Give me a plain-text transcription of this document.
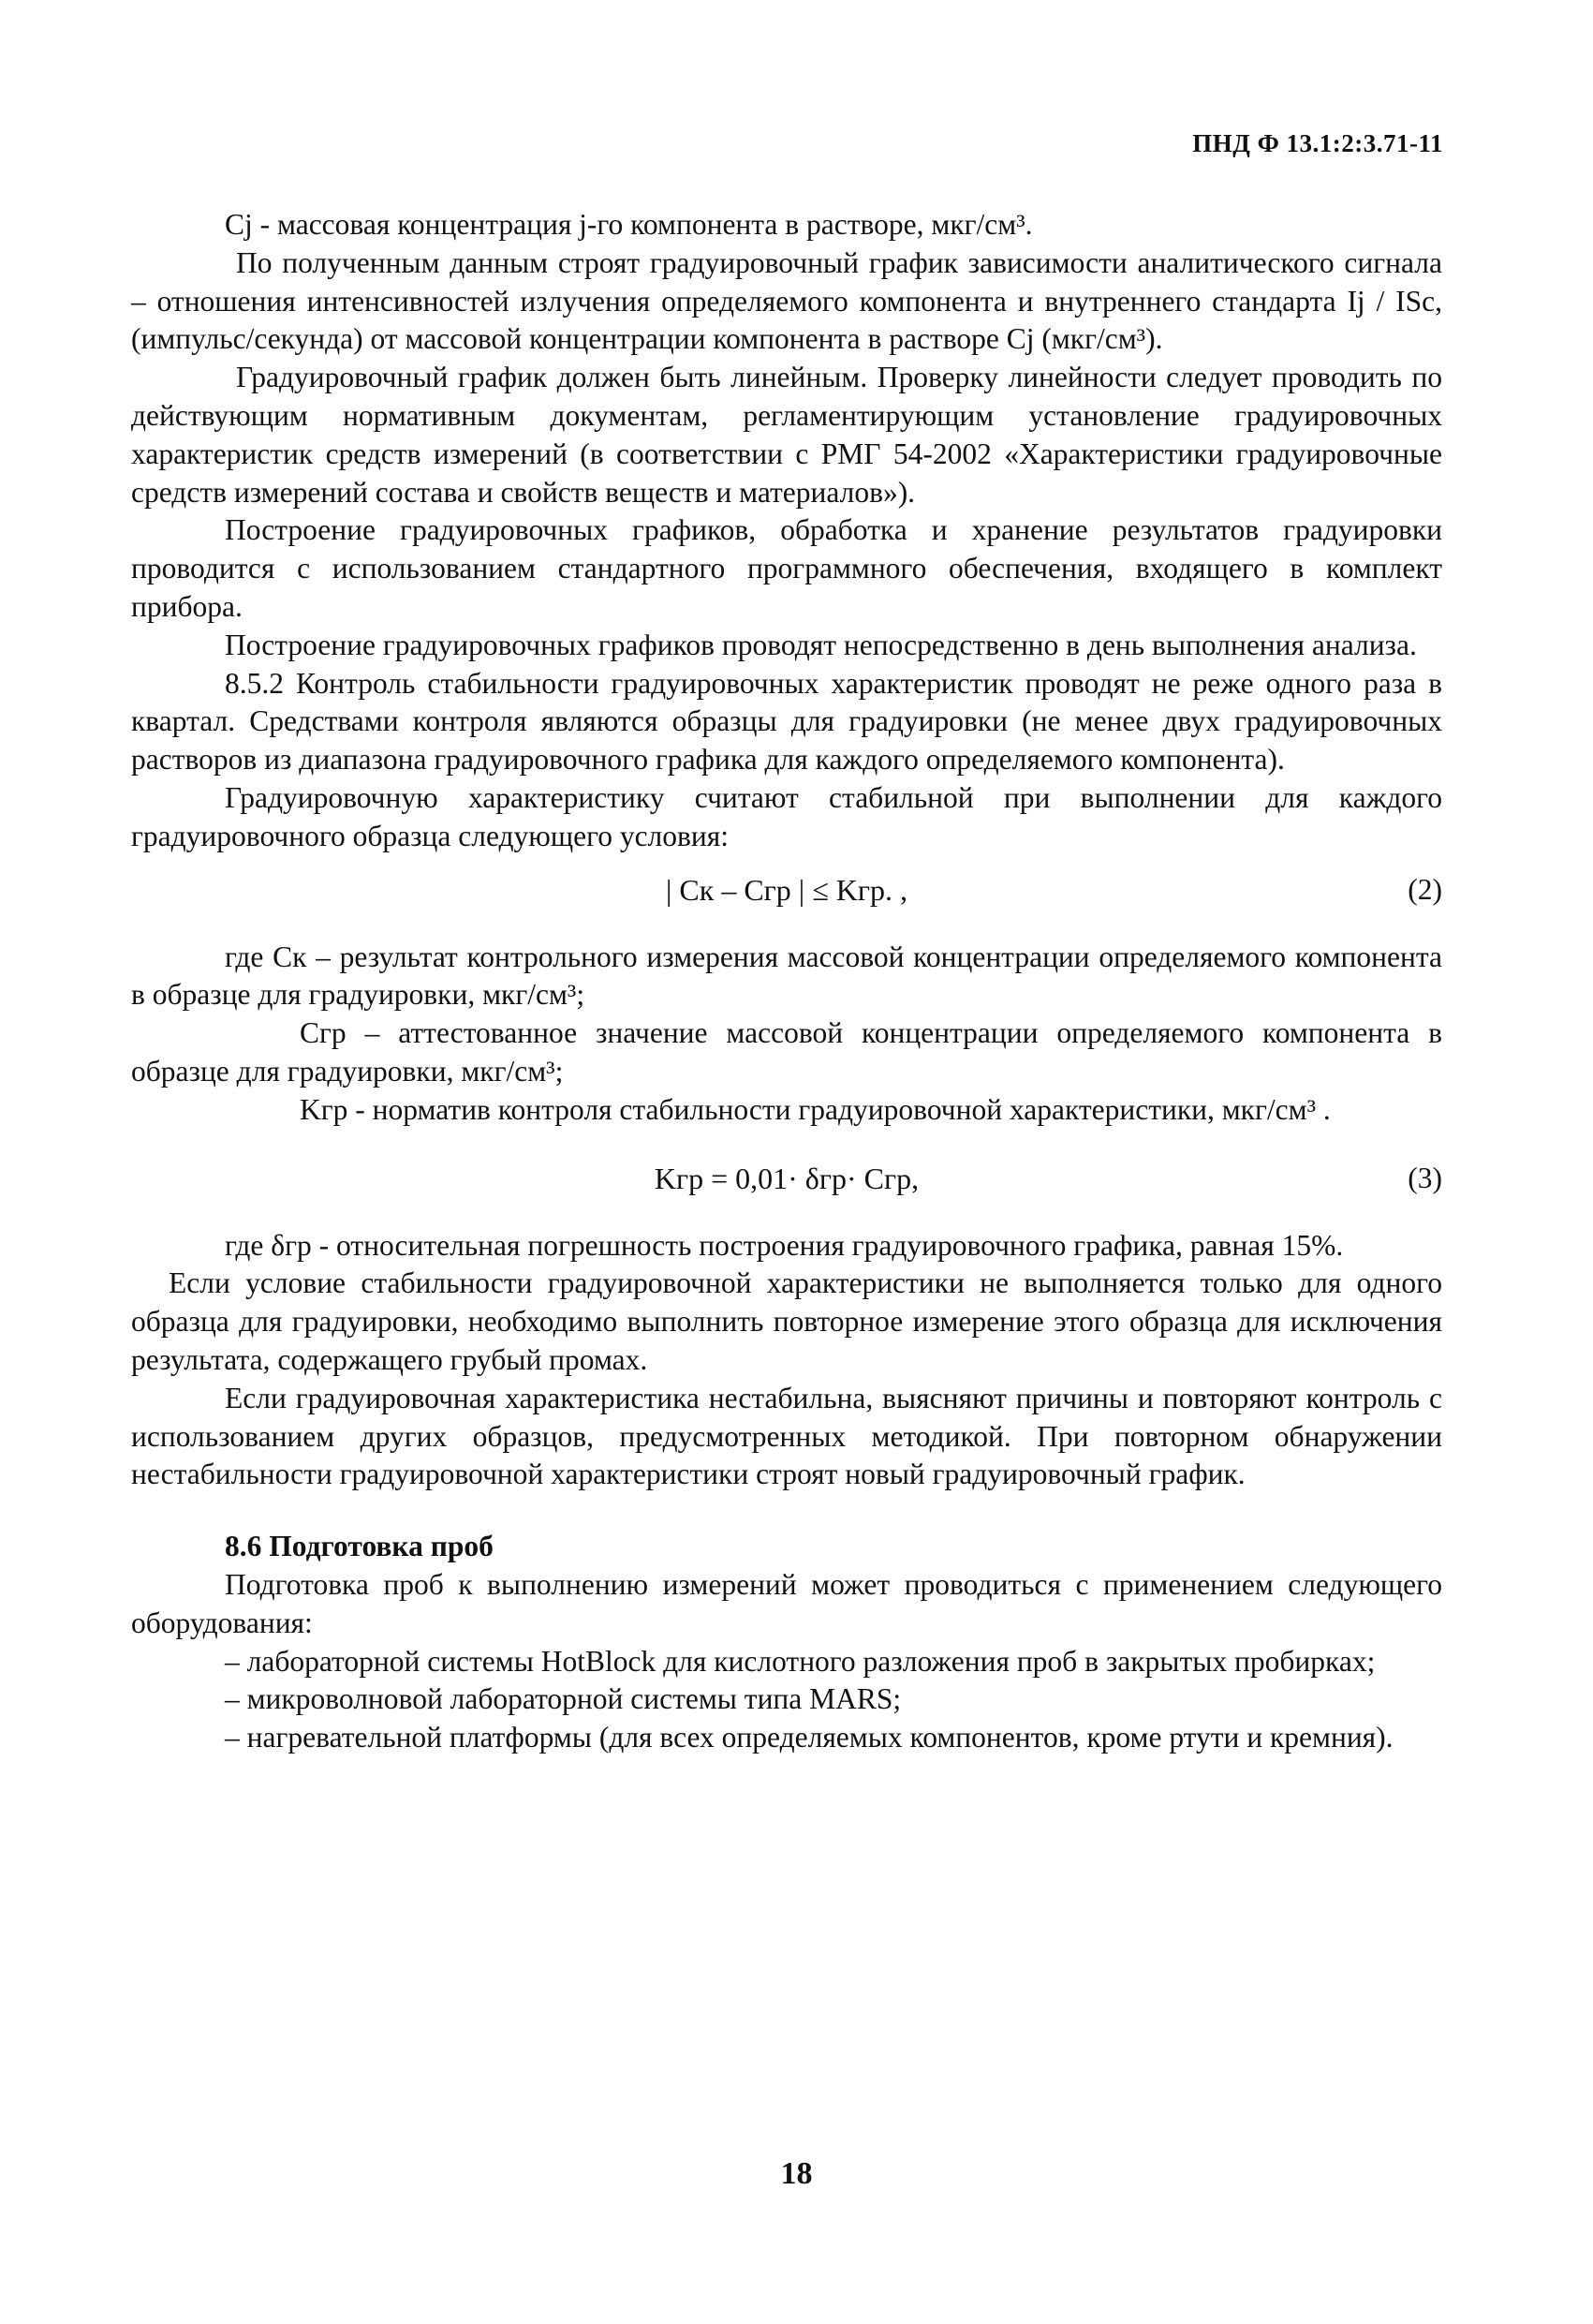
ПНД Ф 13.1:2:3.71-11

Cj - массовая концентрация j-го компонента в растворе, мкг/см³.

По полученным данным строят градуировочный график зависимости аналитического сигнала – отношения интенсивностей излучения определяемого компонента и внутреннего стандарта Ij / ISc, (импульс/секунда) от массовой концентрации компонента в растворе Cj (мкг/см³).

Градуировочный график должен быть линейным. Проверку линейности следует проводить по действующим нормативным документам, регламентирующим установление градуировочных характеристик средств измерений (в соответствии с РМГ 54-2002 «Характеристики градуировочные средств измерений состава и свойств веществ и материалов»).

Построение градуировочных графиков, обработка и хранение результатов градуировки проводится с использованием стандартного программного обеспечения, входящего в комплект прибора.

Построение градуировочных графиков проводят непосредственно в день выполнения анализа.

8.5.2 Контроль стабильности градуировочных характеристик проводят не реже одного раза в квартал. Средствами контроля являются образцы для градуировки (не менее двух градуировочных растворов из диапазона градуировочного графика для каждого определяемого компонента).

Градуировочную характеристику считают стабильной при выполнении для каждого градуировочного образца следующего условия:

| Cк – Cгр | ≤ Kгр. ,	(2)

где Cк – результат контрольного измерения массовой концентрации определяемого компонента в образце для градуировки, мкг/см³;

Cгр – аттестованное значение массовой концентрации определяемого компонента в образце для градуировки, мкг/см³;

Kгр - норматив контроля стабильности градуировочной характеристики, мкг/см³ .

Kгр = 0,01· δгр· Cгр,	(3)

где δгр - относительная погрешность построения градуировочного графика, равная 15%.

Если условие стабильности градуировочной характеристики не выполняется только для одного образца для градуировки, необходимо выполнить повторное измерение этого образца для исключения результата, содержащего грубый промах.

Если градуировочная характеристика нестабильна, выясняют причины и повторяют контроль с использованием других образцов, предусмотренных методикой. При повторном обнаружении нестабильности градуировочной характеристики строят новый градуировочный график.

8.6 Подготовка проб

Подготовка проб к выполнению измерений может проводиться с применением следующего оборудования:

– лабораторной системы HotBlock для кислотного разложения проб в закрытых пробирках;

– микроволновой лабораторной системы типа MARS;

– нагревательной платформы (для всех определяемых компонентов, кроме ртути и кремния).

18
